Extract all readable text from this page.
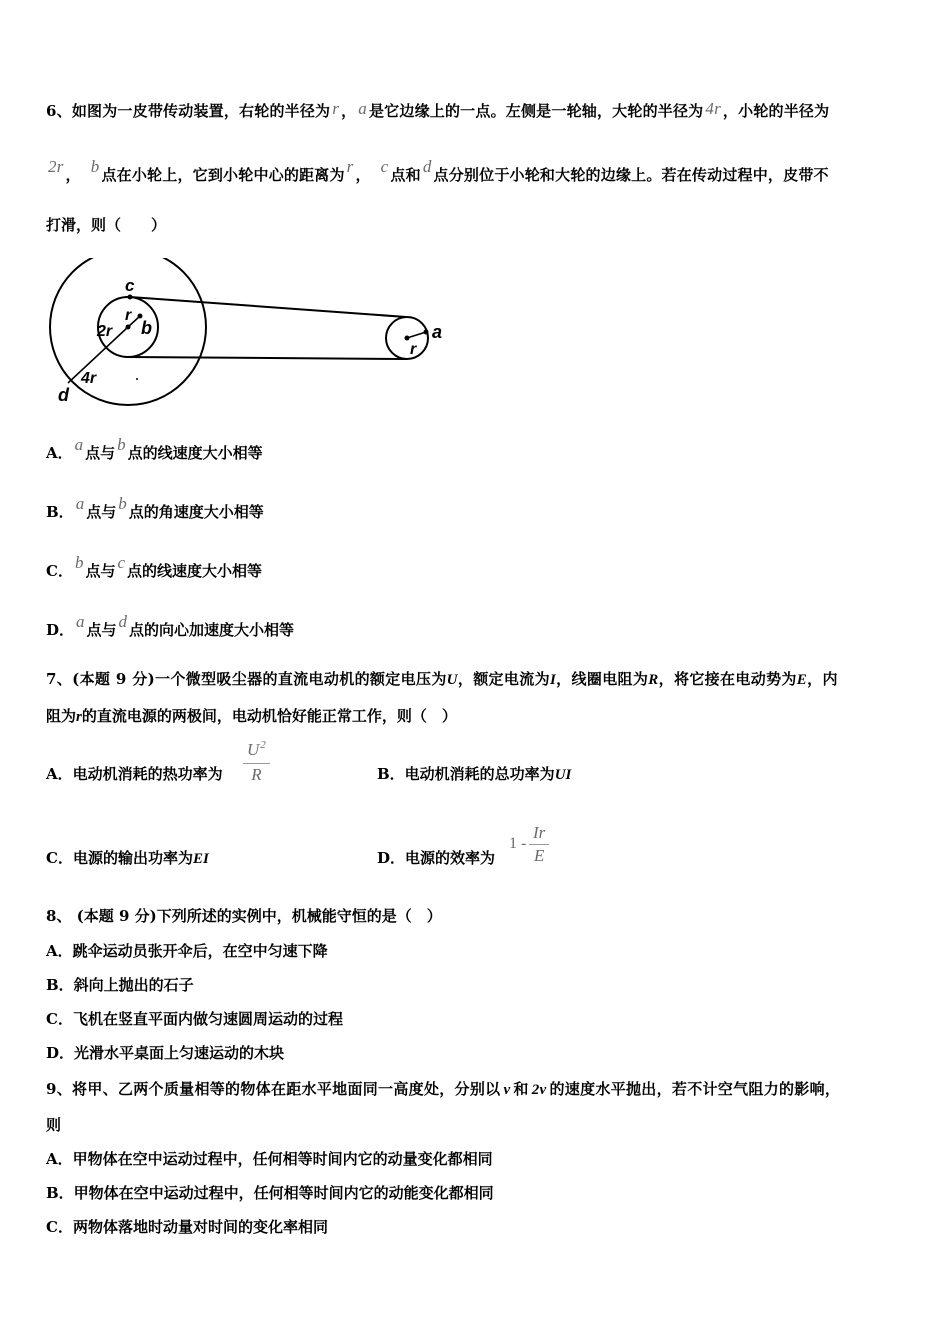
6、如图为一皮带传动装置，右轮的半径为 r ， a 是它边缘上的一点。左侧是一轮轴，大轮的半径为 4r ，小轮的半径为
2r ， b 点在小轮上，它到小轮中心的距离为 r ， c 点和 d 点分别位于小轮和大轮的边缘上。若在传动过程中，皮带不
打滑，则（　　）
c
r
b
2r
4r
d
r
a
A． a 点与 b 点的线速度大小相等
B． a 点与 b 点的角速度大小相等
C． b 点与 c 点的线速度大小相等
D． a 点与 d 点的向心加速度大小相等
7、(本题 9 分)一个微型吸尘器的直流电动机的额定电压为U，额定电流为I，线圈电阻为R，将它接在电动势为E，内
阻为r的直流电源的两极间，电动机恰好能正常工作，则（　）
A．电动机消耗的热功率为 $\frac{U^2}{R}$	B．电动机消耗的总功率为UI
C．电源的输出功率为EI	D．电源的效率为
$1 - \frac{Ir}{E}$
8、 (本题 9 分)下列所述的实例中，机械能守恒的是（　）
A．跳伞运动员张开伞后，在空中匀速下降
B．斜向上抛出的石子
C．飞机在竖直平面内做匀速圆周运动的过程
D．光滑水平桌面上匀速运动的木块
9、将甲、乙两个质量相等的物体在距水平地面同一高度处，分别以 v 和 2v 的速度水平抛出，若不计空气阻力的影响，
则
A．甲物体在空中运动过程中，任何相等时间内它的动量变化都相同
B．甲物体在空中运动过程中，任何相等时间内它的动能变化都相同
C．两物体落地时动量对时间的变化率相同
